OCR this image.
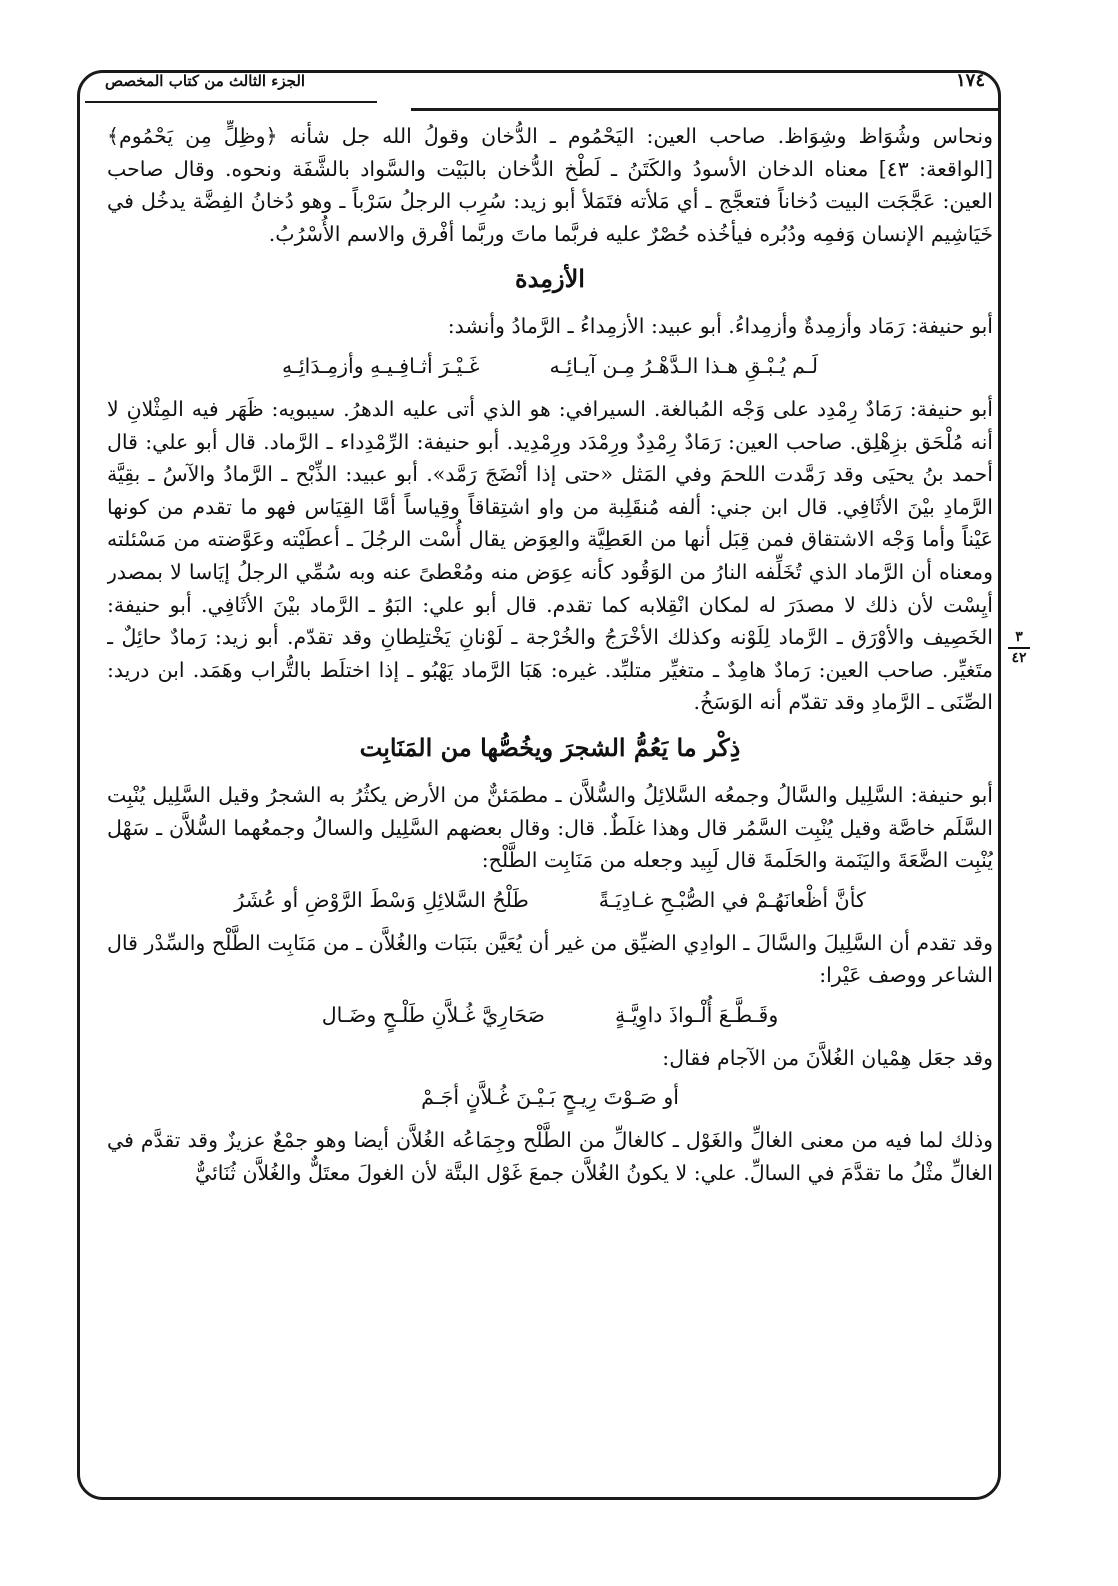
الجزء الثالث من كتاب المخصص	١٧٤
٣
٤٢

ونحاس وشُوَاظ وشِوَاظ. صاحب العين: اليَحْمُوم ـ الدُّخان وقولُ الله جل شأنه ﴿وظِلٍّ مِن يَحْمُوم﴾ [الواقعة: ٤٣] معناه الدخان الأسودُ والكَتَنُ ـ لَطْخ الدُّخان بالبَيْت والسَّواد بالشَّفَة ونحوه. وقال صاحب العين: عَجَّجَت البيت دُخاناً فتعجَّج ـ أي مَلأته فتَمَلأ أبو زيد: سُرِب الرجلُ سَرْباً ـ وهو دُخانُ الفِضَّة يدخُل في خَيَاشِيم الإنسان وَفمِه ودُبُره فيأخُذه حُصْرٌ عليه فربَّما ماتَ وربَّما أفْرق والاسم الأُسْرُبُ.

الأزمِدة

أبو حنيفة: رَمَاد وأزمِدةٌ وأزمِداءُ. أبو عبيد: الأزمِداءُ ـ الرَّمادُ وأنشد:

لَـم يُـبْـقِ هـذا الـدَّهْـرُ مِـن آيـائِـه
غَـيْـرَ أثـافِـيـهِ وأزمِـدَائِـهِ

أبو حنيفة: رَمَادٌ رِمْدِد على وَجْه المُبالغة. السيرافي: هو الذي أتى عليه الدهرُ. سيبويه: ظَهَر فيه المِثْلانِ لا أنه مُلْحَق بزِهْلِق. صاحب العين: رَمَادٌ رِمْدِدٌ ورِمْدَد ورِمْدِيد. أبو حنيفة: الرِّمْدِداء ـ الرَّماد. قال أبو علي: قال أحمد بنُ يحيَى وقد رَمَّدت اللحمَ وفي المَثل «حتى إذا أنْضَجَ رَمَّد». أبو عبيد: الذِّبْح ـ الرَّمادُ والآسُ ـ بقِيَّة الرَّمادِ بيْنَ الأثَافِي. قال ابن جني: ألفه مُنقَلِبة من واو اشتِقاقاً وقِياساً أمَّا القِيَاس فهو ما تقدم من كونها عَيْناً وأما وَجْه الاشتقاق فمن قِبَل أنها من العَطِيَّة والعِوَض يقال أُسْت الرجُلَ ـ أعطَيْته وعَوَّضته من مَسْئلته ومعناه أن الرَّماد الذي تُخَلِّفه النارُ من الوَقُود كأنه عِوَض منه ومُعْطىً عنه وبه سُمِّي الرجلُ إيَاسا لا بمصدر أيِسْت لأن ذلك لا مصدَرَ له لمكان انْقِلابه كما تقدم. قال أبو علي: البَوُ ـ الرَّماد بيْنَ الأثَافِي. أبو حنيفة: الخَصِيف والأوْرَق ـ الرَّماد لِلَوْنه وكذلك الأخْرَجُ والخُرْجة ـ لَوْنانِ يَخْتلِطانِ وقد تقدّم. أبو زيد: رَمادٌ حائِلٌ ـ متَغيِّر. صاحب العين: رَمادٌ هامِدٌ ـ متغيِّر متلبِّد. غيره: هَبَا الرَّماد يَهْبُو ـ إذا اختلَط بالتُّراب وهَمَد. ابن دريد: الصِّنَى ـ الرَّمادِ وقد تقدّم أنه الوَسَخُ.

ذِكْر ما يَعُمُّ الشجرَ ويخُصُّها من المَنَابِت

أبو حنيفة: السَّلِيل والسَّالُ وجمعُه السَّلائِلُ والسُّلاَّن ـ مطمَئنٌّ من الأرض يكثُرُ به الشجرُ وقيل السَّلِيل يُنْبِت السَّلَم خاصَّة وقيل يُنْبِت السَّمُر قال وهذا غلَطٌ. قال: وقال بعضهم السَّلِيل والسالُ وجمعُهما السُّلاَّن ـ سَهْل يُنْبِت الضَّعَةَ واليَنَمة والحَلَمةَ قال لَبِيد وجعله من مَنَابِت الطَّلْح:

كأنَّ أظْعانَهُـمْ في الصُّبْـحِ غـادِيَـةً
طَلْحُ السَّلائِلِ وَسْطَ الرَّوْضِ أو عُشَرُ

وقد تقدم أن السَّلِيلَ والسَّالَ ـ الوادِي الضيِّق من غير أن يُعَيَّن بنَبَات والغُلاَّن ـ من مَنَابِت الطَّلْح والسِّدْر قال الشاعر ووصف عَيْرا:

وقَـطَّـعَ أُلْـواذَ داوِيَّـةٍ
صَحَارِيَّ غُـلاَّنِ طَلْـحٍ وضَـال

وقد جعَل هِمْيان الغُلاَّنَ من الآجام فقال:

أو صَـوْتَ رِيـحٍ بَـيْـنَ غُـلاَّنٍ أجَـمْ

وذلك لما فيه من معنى الغالِّ والغَوْل ـ كالغالِّ من الطَّلْح وجِمَاعُه الغُلاَّن أيضا وهو جمْعٌ عزيزٌ وقد تقدَّم في الغالِّ مثْلُ ما تقدَّمَ في السالِّ. علي: لا يكونُ الغُلاَّن جمعَ غَوْل البتَّة لأن الغولَ معتَلٌّ والغُلاَّن ثُنَائيٌّ
